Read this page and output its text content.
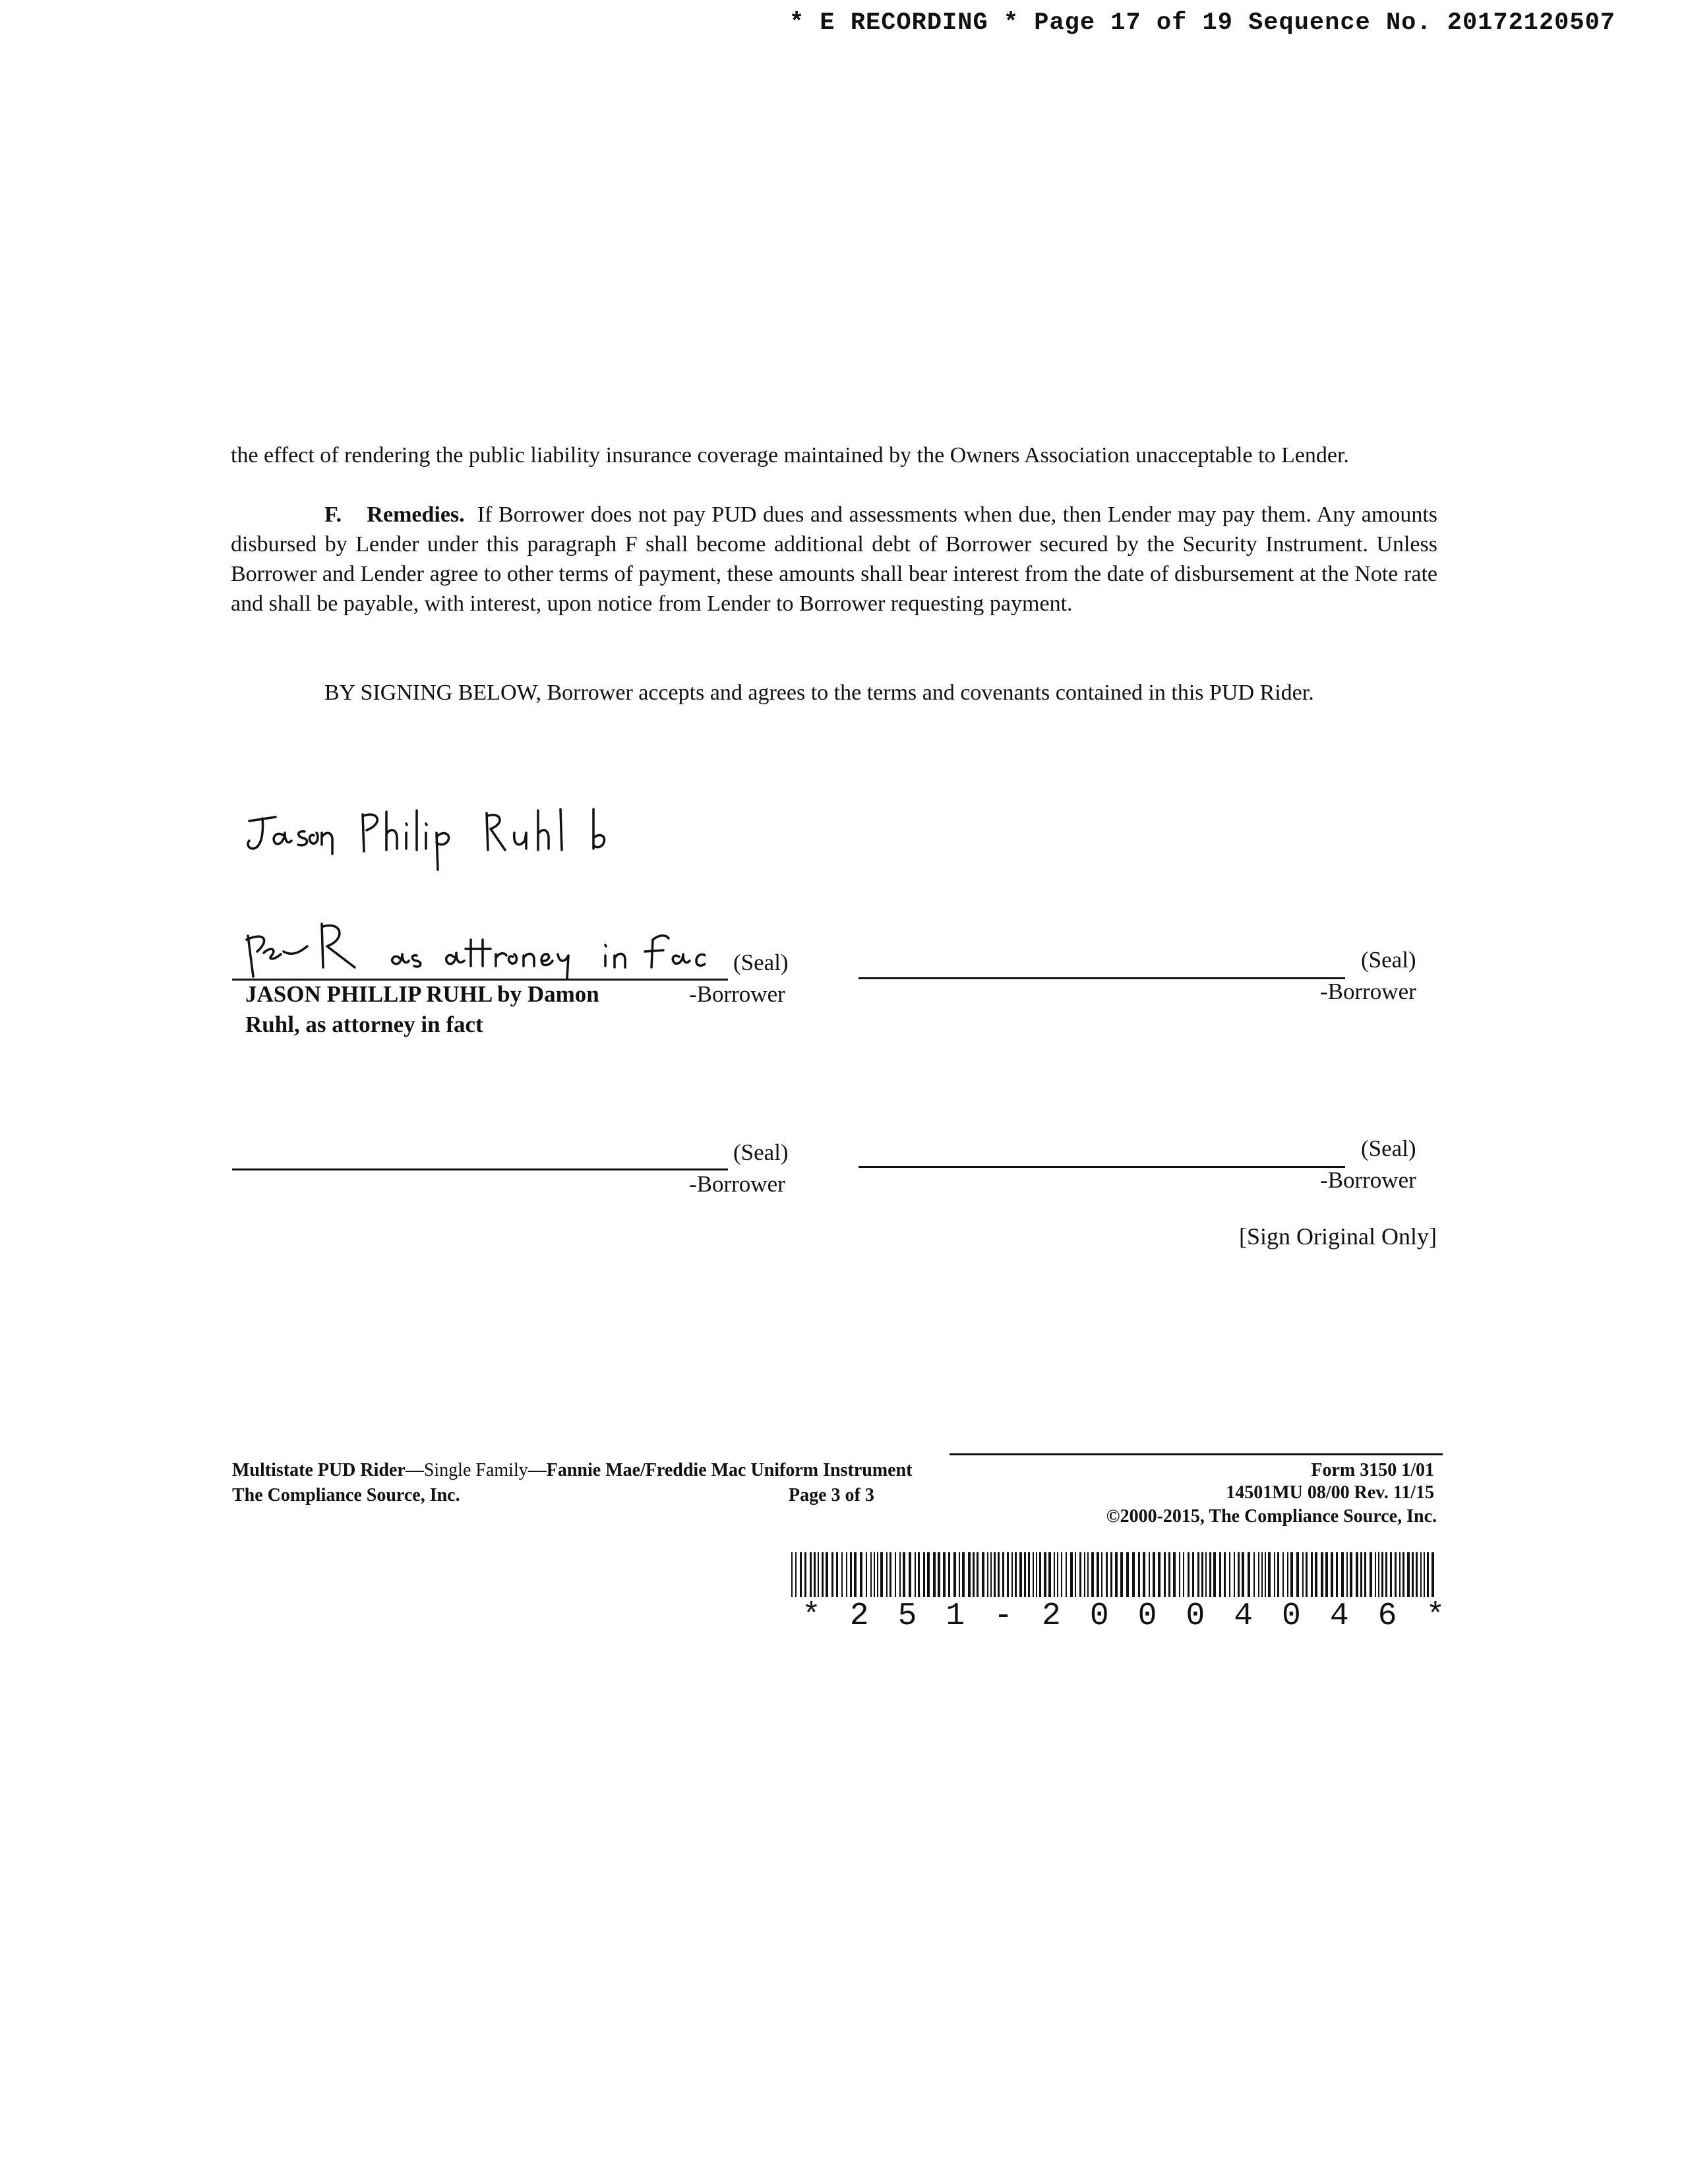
* E RECORDING * Page 17 of 19 Sequence No. 20172120507
the effect of rendering the public liability insurance coverage maintained by the Owners Association unacceptable to Lender.
F. Remedies. If Borrower does not pay PUD dues and assessments when due, then Lender may pay them. Any amounts disbursed by Lender under this paragraph F shall become additional debt of Borrower secured by the Security Instrument. Unless Borrower and Lender agree to other terms of payment, these amounts shall bear interest from the date of disbursement at the Note rate and shall be payable, with interest, upon notice from Lender to Borrower requesting payment.
BY SIGNING BELOW, Borrower accepts and agrees to the terms and covenants contained in this PUD Rider.
Jason Phillip Ruhl by
as attorney in fact
(Seal)
-Borrower
JASON PHILLIP RUHL by Damon
Ruhl, as attorney in fact
(Seal)
-Borrower
(Seal)
-Borrower
(Seal)
-Borrower
[Sign Original Only]
Multistate PUD Rider—Single Family—Fannie Mae/Freddie Mac Uniform Instrument
The Compliance Source, Inc.	Page 3 of 3
Form 3150 1/01
14501MU 08/00 Rev. 11/15
©2000-2015, The Compliance Source, Inc.
*251-20004046*
